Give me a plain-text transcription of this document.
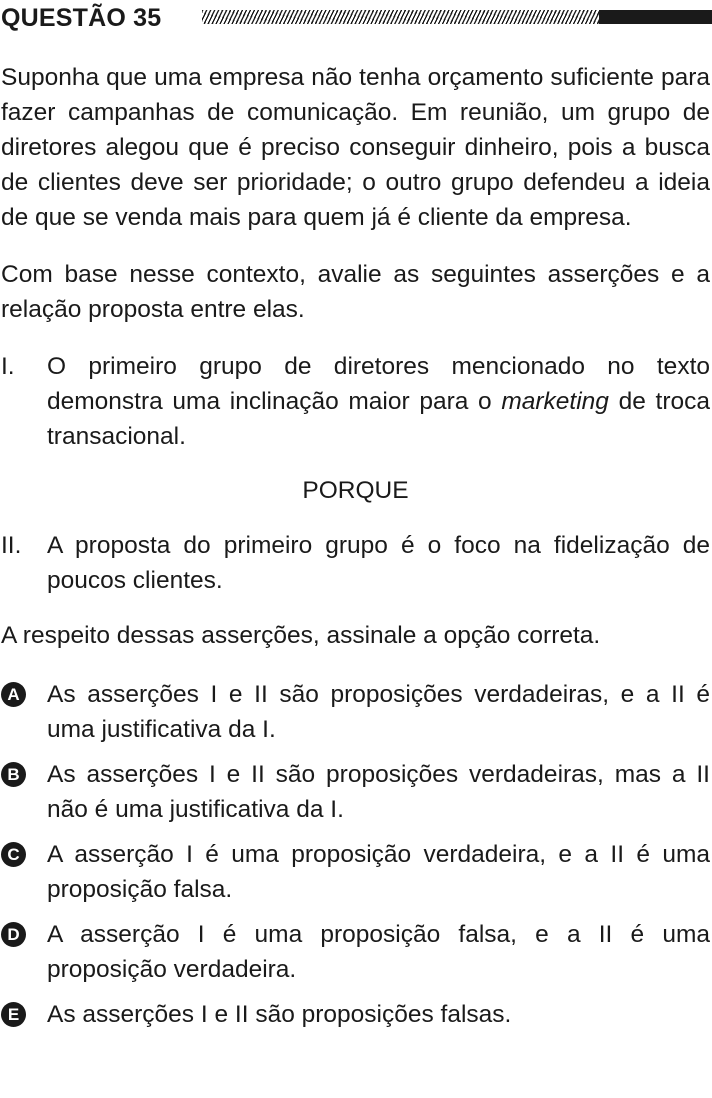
QUESTÃO 35

Suponha que uma empresa não tenha orçamento suficiente para fazer campanhas de comunicação. Em reunião, um grupo de diretores alegou que é preciso conseguir dinheiro, pois a busca de clientes deve ser prioridade; o outro grupo defendeu a ideia de que se venda mais para quem já é cliente da empresa.

Com base nesse contexto, avalie as seguintes asserções e a relação proposta entre elas.

I. O primeiro grupo de diretores mencionado no texto demonstra uma inclinação maior para o marketing de troca transacional.
PORQUE
II. A proposta do primeiro grupo é o foco na fidelização de poucos clientes.

A respeito dessas asserções, assinale a opção correta.

A As asserções I e II são proposições verdadeiras, e a II é uma justificativa da I.
B As asserções I e II são proposições verdadeiras, mas a II não é uma justificativa da I.
C A asserção I é uma proposição verdadeira, e a II é uma proposição falsa.
D A asserção I é uma proposição falsa, e a II é uma proposição verdadeira.
E As asserções I e II são proposições falsas.
